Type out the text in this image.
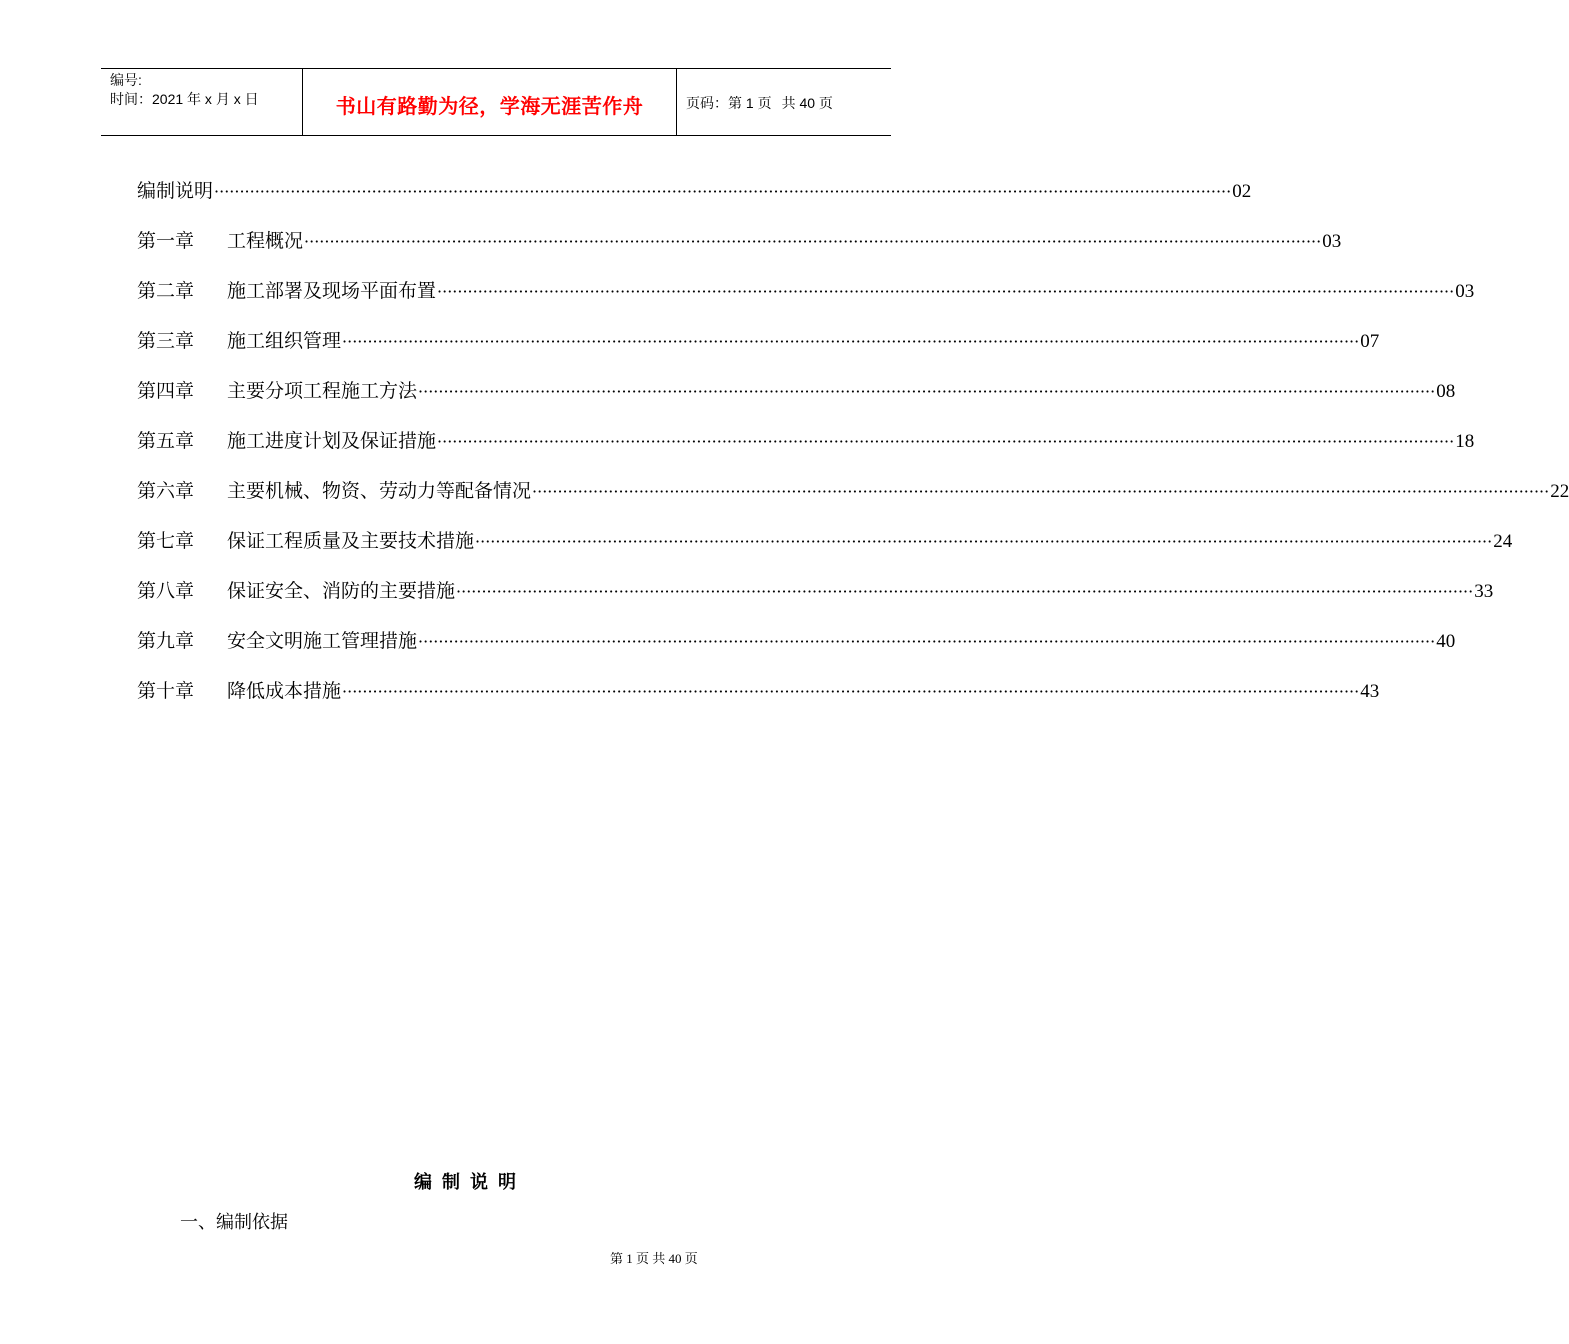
编号:
时间：2021 年 x 月 x 日	书山有路勤为径，学海无涯苦作舟	页码：第 1 页 共 40 页
编制说明 ········································································································································································································ 02
第一章	工程概况 ········································································································································································································ 03
第二章	施工部署及现场平面布置 ········································································································································································································ 03
第三章	施工组织管理 ········································································································································································································ 07
第四章	主要分项工程施工方法 ········································································································································································································ 08
第五章	施工进度计划及保证措施 ········································································································································································································ 18
第六章	主要机械、物资、劳动力等配备情况 ········································································································································································································ 22
第七章	保证工程质量及主要技术措施 ········································································································································································································ 24
第八章	保证安全、消防的主要措施 ········································································································································································································ 33
第九章	安全文明施工管理措施 ········································································································································································································ 40
第十章	降低成本措施 ········································································································································································································ 43
编制说明
一、编制依据
第 1 页 共 40 页
